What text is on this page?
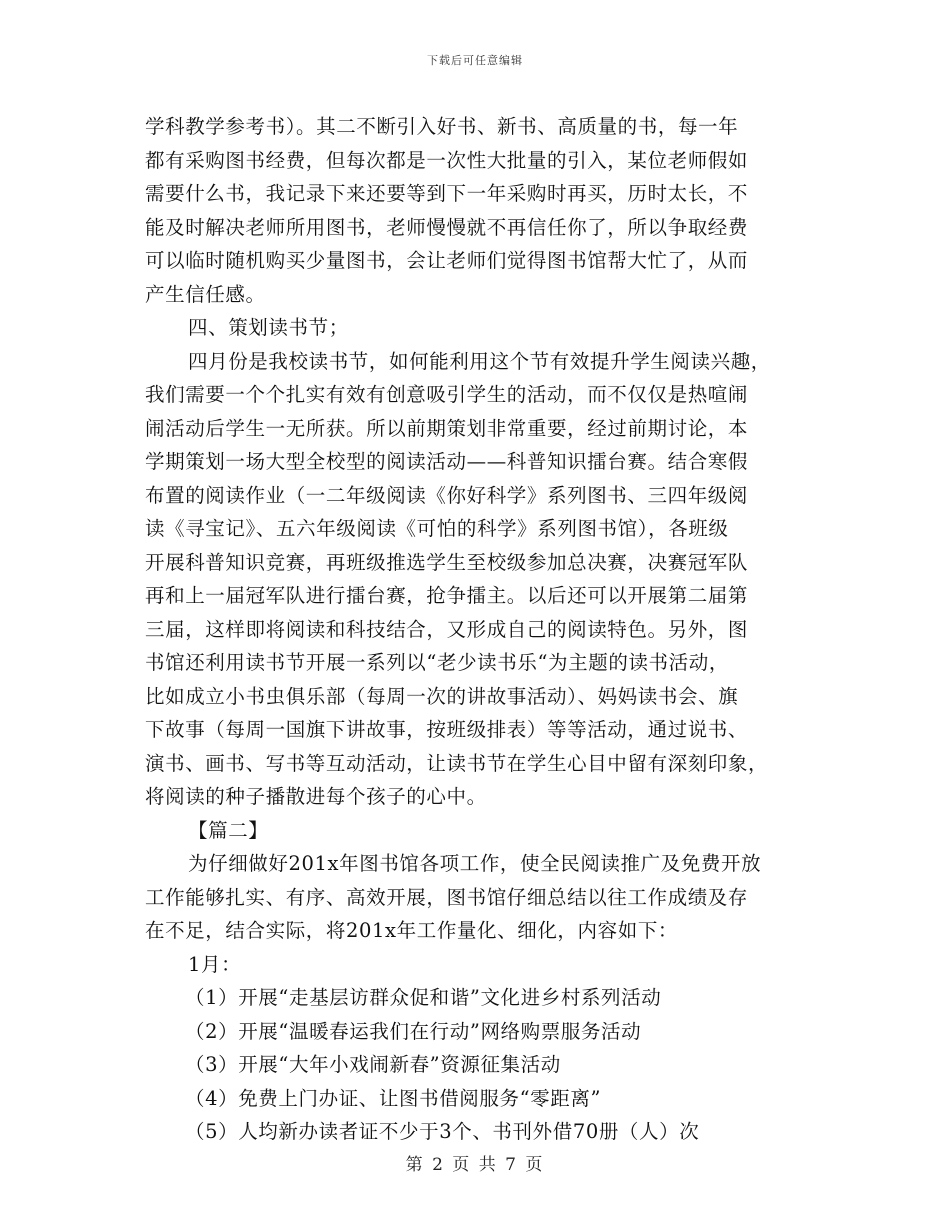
下载后可任意编辑
学科教学参考书）。其二不断引入好书、新书、高质量的书，每一年
都有采购图书经费，但每次都是一次性大批量的引入，某位老师假如
需要什么书，我记录下来还要等到下一年采购时再买，历时太长，不
能及时解决老师所用图书，老师慢慢就不再信任你了，所以争取经费
可以临时随机购买少量图书，会让老师们觉得图书馆帮大忙了，从而
产生信任感。
四、策划读书节；
四月份是我校读书节，如何能利用这个节有效提升学生阅读兴趣，
我们需要一个个扎实有效有创意吸引学生的活动，而不仅仅是热喧闹
闹活动后学生一无所获。所以前期策划非常重要，经过前期讨论，本
学期策划一场大型全校型的阅读活动——科普知识擂台赛。结合寒假
布置的阅读作业（一二年级阅读《你好科学》系列图书、三四年级阅
读《寻宝记》、五六年级阅读《可怕的科学》系列图书馆），各班级
开展科普知识竞赛，再班级推选学生至校级参加总决赛，决赛冠军队
再和上一届冠军队进行擂台赛，抢争擂主。以后还可以开展第二届第
三届，这样即将阅读和科技结合，又形成自己的阅读特色。另外，图
书馆还利用读书节开展一系列以“老少读书乐“为主题的读书活动，
比如成立小书虫俱乐部（每周一次的讲故事活动）、妈妈读书会、旗
下故事（每周一国旗下讲故事，按班级排表）等等活动，通过说书、
演书、画书、写书等互动活动，让读书节在学生心目中留有深刻印象，
将阅读的种子播散进每个孩子的心中。
【篇二】
为仔细做好201x年图书馆各项工作，使全民阅读推广及免费开放
工作能够扎实、有序、高效开展，图书馆仔细总结以往工作成绩及存
在不足，结合实际，将201x年工作量化、细化，内容如下：
1月：
（1）开展“走基层访群众促和谐”文化进乡村系列活动
（2）开展“温暖春运我们在行动”网络购票服务活动
（3）开展“大年小戏闹新春”资源征集活动
（4）免费上门办证、让图书借阅服务“零距离”
（5）人均新办读者证不少于3个、书刊外借70册（人）次
第 2 页 共 7 页
